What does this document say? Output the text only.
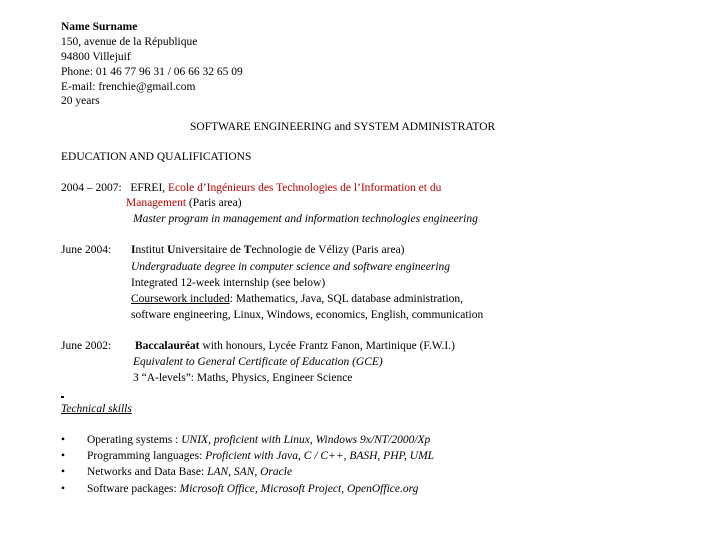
Name Surname
150, avenue de la République
94800 Villejuif
Phone: 01 46 77 96 31 / 06 66 32 65 09
E-mail: frenchie@gmail.com
20 years
SOFTWARE ENGINEERING and SYSTEM ADMINISTRATOR
EDUCATION AND QUALIFICATIONS
2004 – 2007: EFREI, Ecole d’Ingénieurs des Technologies de l’Information et du
Management (Paris area)
Master program in management and information technologies engineering
June 2004: Institut Universitaire de Technologie de Vélizy (Paris area)
Undergraduate degree in computer science and software engineering
Integrated 12-week internship (see below)
Coursework included: Mathematics, Java, SQL database administration,
software engineering, Linux, Windows, economics, English, communication
June 2002: Baccalauréat with honours, Lycée Frantz Fanon, Martinique (F.W.I.)
Equivalent to General Certificate of Education (GCE)
3 “A-levels”: Maths, Physics, Engineer Science
Technical skills
• Operating systems : UNIX, proficient with Linux, Windows 9x/NT/2000/Xp
• Programming languages: Proficient with Java, C / C++, BASH, PHP, UML
• Networks and Data Base: LAN, SAN, Oracle
• Software packages: Microsoft Office, Microsoft Project, OpenOffice.org
